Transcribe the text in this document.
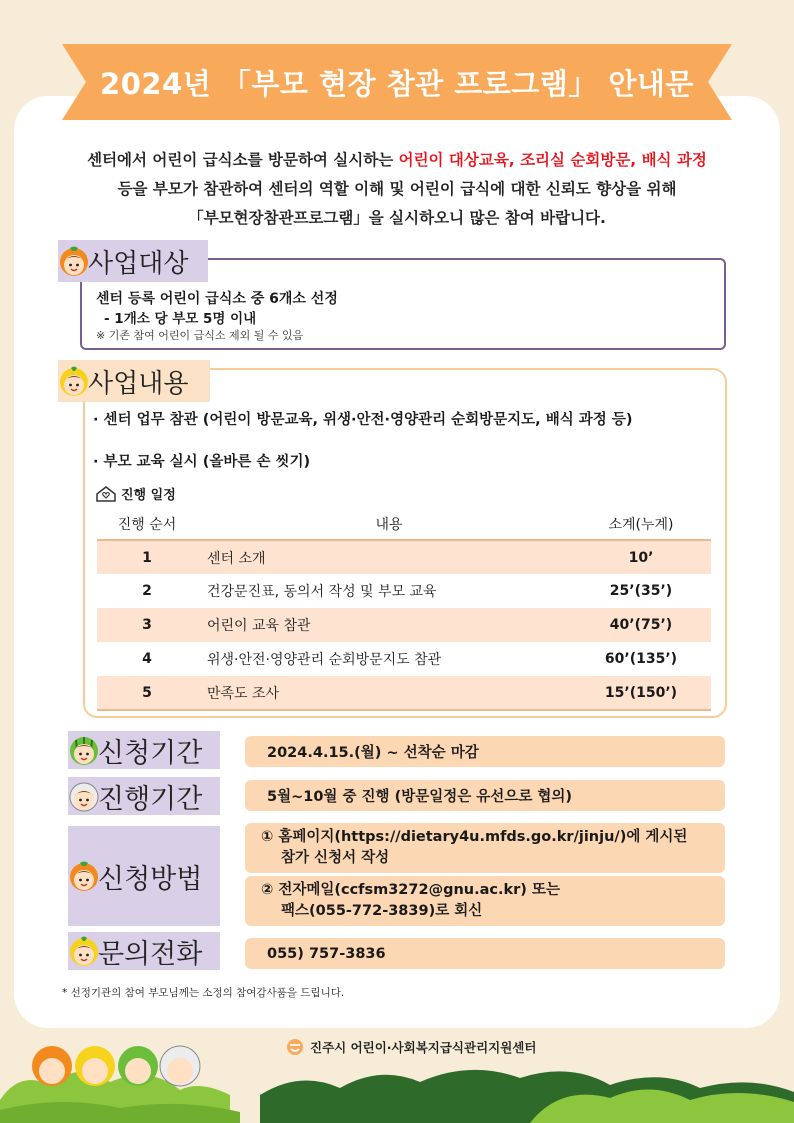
2024년 「부모 현장 참관 프로그램」 안내문
센터에서 어린이 급식소를 방문하여 실시하는 어린이 대상교육, 조리실 순회방문, 배식 과정
등을 부모가 참관하여 센터의 역할 이해 및 어린이 급식에 대한 신뢰도 향상을 위해
「부모현장참관프로그램」을 실시하오니 많은 참여 바랍니다.
센터 등록 어린이 급식소 중 6개소 선정
- 1개소 당 부모 5명 이내
※ 기존 참여 어린이 급식소 제외 될 수 있음
사업대상
· 센터 업무 참관 (어린이 방문교육, 위생·안전·영양관리 순회방문지도, 배식 과정 등)
· 부모 교육 실시 (올바른 손 씻기)
진행 일정
진행 순서	내용	소계(누계)
1	센터 소개	10’
2	건강문진표, 동의서 작성 및 부모 교육	25’(35’)
3	어린이 교육 참관	40’(75’)
4	위생·안전·영양관리 순회방문지도 참관	60’(135’)
5	만족도 조사	15’(150’)
사업내용
신청기간	2024.4.15.(월) ~ 선착순 마감
진행기간	5월~10월 중 진행 (방문일정은 유선으로 협의)
신청방법
① 홈페이지(https://dietary4u.mfds.go.kr/jinju/)에 게시된
참가 신청서 작성
② 전자메일(ccfsm3272@gnu.ac.kr) 또는
팩스(055-772-3839)로 회신
문의전화	055) 757-3836
* 선정기관의 참여 부모님께는 소정의 참여감사품을 드립니다.
진주시 어린이·사회복지급식관리지원센터
